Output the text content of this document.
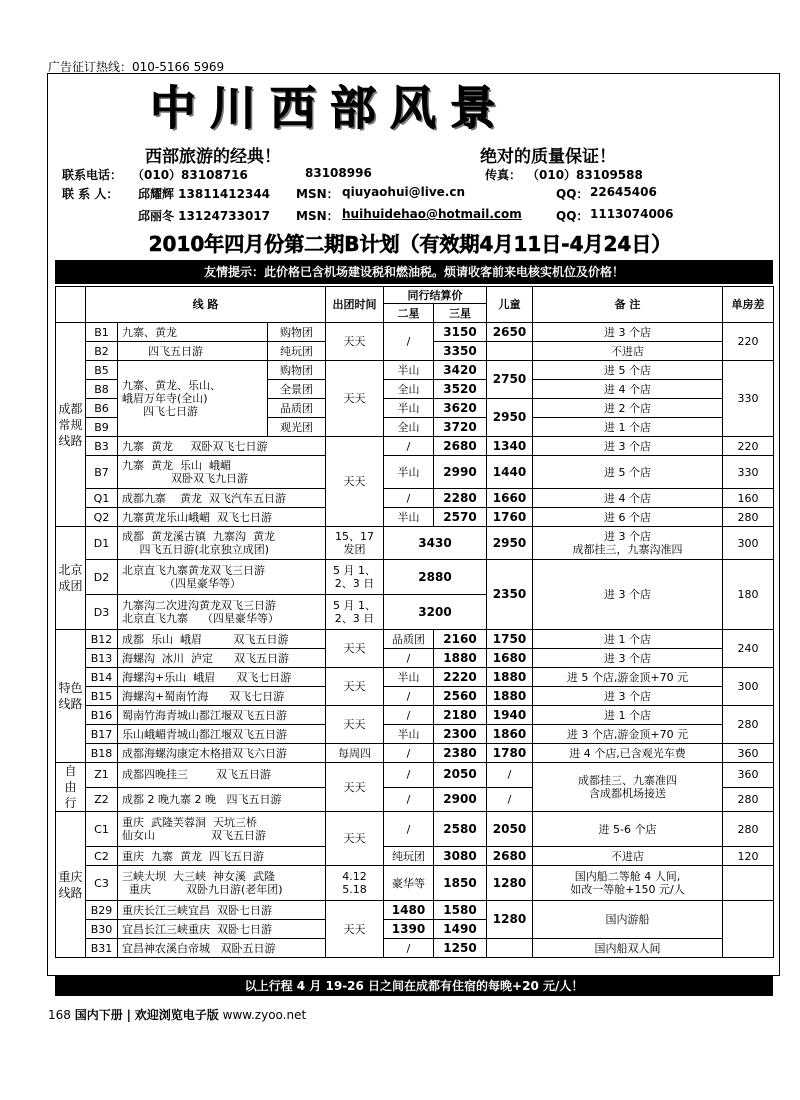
广告征订热线：010-5166 5969
中川西部风景
西部旅游的经典！	绝对的质量保证！
联系电话： （010）83108716	83108996	传真： （010）83109588
联 系 人： 邱耀辉 13811412344 MSN： qiuyaohui@live.cn	QQ： 22645406
邱丽冬 13124733017 MSN： huihuidehao@hotmail.com	QQ： 1113074006
2010年四月份第二期B计划（有效期4月11日-4月24日）
友情提示：此价格已含机场建设税和燃油税。烦请收客前来电核实机位及价格！
	线 路			出团时间	同行结算价		儿童	备 注	单房差
					二星	三星			
成都常规线路	B1	九寨、黄龙	购物团	天天	/	3150	2650	进 3 个店	220
	B2	四飞五日游	纯玩团			3350		不进店	
	B5	九寨、黄龙、乐山、
峨眉万年寺(全山)
四飞七日游	购物团	天天	半山	3420	2750	进 5 个店	330
	B8		全景团		全山	3520		进 4 个店	
	B6		品质团		半山	3620	2950	进 2 个店	
	B9		观光团		全山	3720		进 1 个店	
	B3	九寨  黄龙     双卧双飞七日游		天天	/	2680	1340	进 3 个店	220
	B7	九寨  黄龙  乐山  峨嵋
双卧双飞九日游			半山	2990	1440	进 5 个店	330
	Q1	成都九寨    黄龙  双飞汽车五日游			/	2280	1660	进 4 个店	160
	Q2	九寨黄龙乐山峨嵋  双飞七日游			半山	2570	1760	进 6 个店	280
北京成团	D1	成都  黄龙溪古镇  九寨沟  黄龙
四飞五日游(北京独立成团)		15、17 发团	3430		2950	进 3 个店
成都挂三，九寨沟准四	300
	D2	北京直飞九寨黄龙双飞三日游
（四星豪华等）		5 月 1、2、3 日	2880		2350	进 3 个店	180
	D3	九寨沟二次进沟黄龙双飞三日游
北京直飞九寨    （四星豪华等）		5 月 1、2、3 日	3200				
特色线路	B12	成都  乐山  峨眉         双飞五日游		天天	品质团	2160	1750	进 1 个店	240
	B13	海螺沟  冰川  泸定      双飞五日游			/	1880	1680	进 3 个店	
	B14	海螺沟+乐山  峨眉      双飞七日游		天天	半山	2220	1880	进 5 个店,游金顶+70 元	300
	B15	海螺沟+蜀南竹海      双飞七日游			/	2560	1880	进 3 个店	
	B16	蜀南竹海青城山都江堰双飞五日游		天天	/	2180	1940	进 1 个店	280
	B17	乐山峨嵋青城山都江堰双飞五日游			半山	2300	1860	进 3 个店,游金顶+70 元	
	B18	成都海螺沟康定木格措双飞六日游		每周四	/	2380	1780	进 4 个店,已含观光车费	360
自由行	Z1	成都四晚挂三        双飞五日游		天天	/	2050	/	成都挂三、九寨准四
含成都机场接送	360
	Z2	成都 2 晚九寨 2 晚   四飞五日游			/	2900	/		280
重庆线路	C1	重庆  武隆芙蓉洞  天坑三桥
仙女山                双飞五日游		天天	/	2580	2050	进 5-6 个店	280
	C2	重庆  九寨  黄龙  四飞五日游			纯玩团	3080	2680	不进店	120
	C3	三峡大坝  大三峡  神女溪  武隆
重庆          双卧九日游(老年团)		4.12
5.18	豪华等	1850	1280	国内船二等舱 4 人间,
如改一等舱+150 元/人	
	B29	重庆长江三峡宜昌  双卧七日游		天天	1480	1580	1280	国内游船	
	B30	宜昌长江三峡重庆  双卧七日游			1390	1490			
	B31	宜昌神农溪白帝城   双卧五日游			/	1250		国内船双人间	
以上行程 4 月 19-26 日之间在成都有住宿的每晚+20 元/人！
168 国内下册 | 欢迎浏览电子版 www.zyoo.net
